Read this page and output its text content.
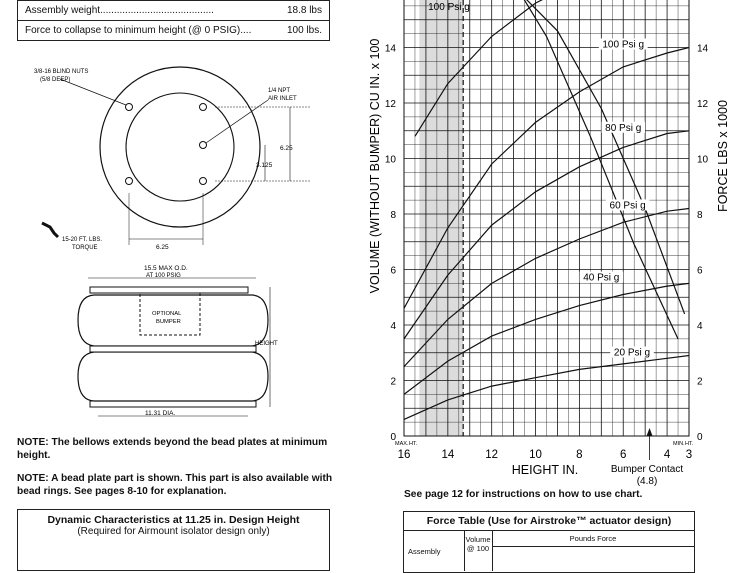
Assembly weight.........................................	18.8 lbs
Force to collapse to minimum height (@ 0 PSIG)....	100 lbs.
3/8-16 BLIND NUTS
(5/8 DEEP)
1/4 NPT
AIR INLET
6.25
3.125
6.25
15-20 FT. LBS.
TORQUE
15.5 MAX O.D.
AT 100 PSIG
OPTIONAL
BUMPER
HEIGHT
11.31 DIA.
NOTE: The bellows extends beyond the bead plates at minimum height.
NOTE: A bead plate part is shown. This part is also available with bead rings. See pages 8-10 for explanation.
Dynamic Characteristics at 11.25 in. Design Height
(Required for Airmount isolator design only)
100 Psi g
100 Psi g
80 Psi g
60 Psi g
40 Psi g
20 Psi g
16	14	12	10	8	6	4 3
0	0
2	2
4	4
6	6
8	8
10	10
12	12
14	14
HEIGHT IN.
VOLUME (WITHOUT BUMPER) CU IN. x 100	FORCE LBS x 1000
MAX. HT.	MIN. HT.
Bumper Contact
(4.8)
See page 12 for instructions on how to use chart.
Force Table (Use for Airstroke™ actuator design)
Assembly
Volume
@ 100
Pounds Force
